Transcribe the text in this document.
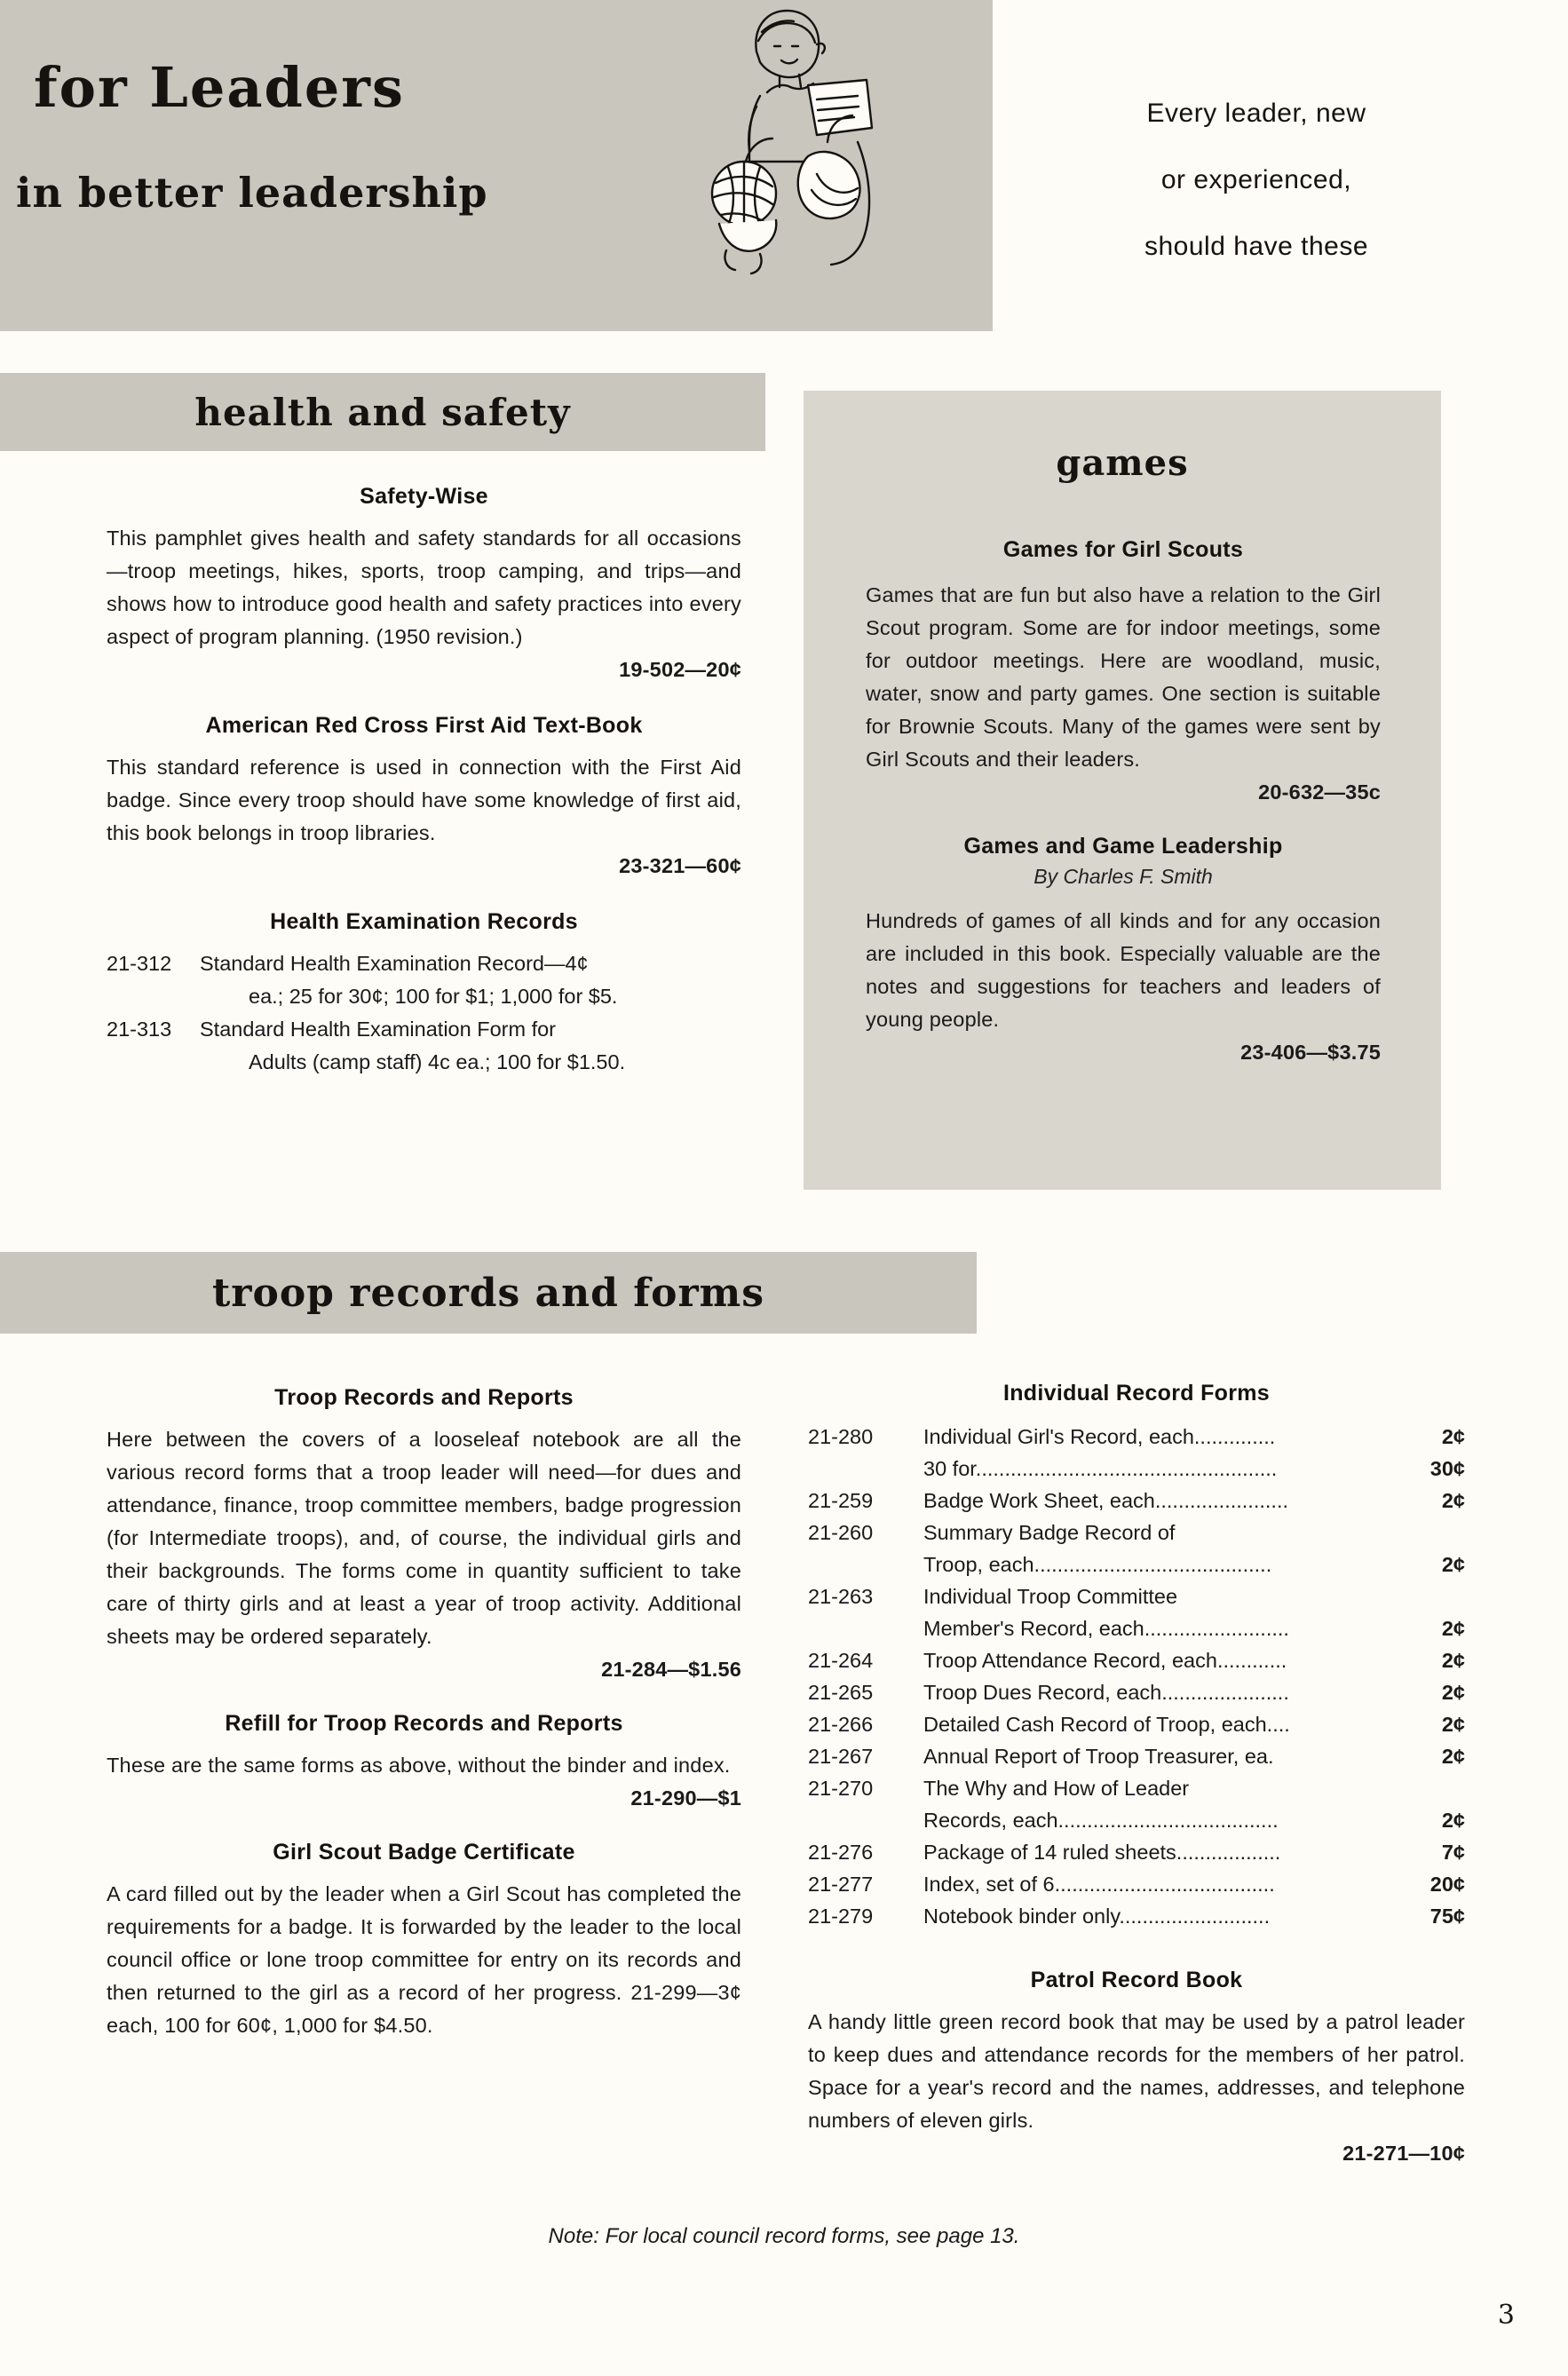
for Leaders
in better leadership
Every leader, new
or experienced,
should have these
health and safety
games
Safety-Wise
This pamphlet gives health and safety standards for all occasions—troop meetings, hikes, sports, troop camping, and trips—and shows how to introduce good health and safety practices into every aspect of program planning. (1950 revision.)
19-502—20¢
American Red Cross First Aid Text-Book
This standard reference is used in connection with the First Aid badge. Since every troop should have some knowledge of first aid, this book belongs in troop libraries.
23-321—60¢
Health Examination Records
21-312	Standard Health Examination Record—4¢
ea.; 25 for 30¢; 100 for $1; 1,000 for $5.
21-313	Standard Health Examination Form for
Adults (camp staff) 4c ea.; 100 for $1.50.
Games for Girl Scouts
Games that are fun but also have a relation to the Girl Scout program. Some are for indoor meetings, some for outdoor meetings. Here are woodland, music, water, snow and party games. One section is suitable for Brownie Scouts. Many of the games were sent by Girl Scouts and their leaders.
20-632—35c
Games and Game Leadership
By Charles F. Smith
Hundreds of games of all kinds and for any occasion are included in this book. Especially valuable are the notes and suggestions for teachers and leaders of young people.
23-406—$3.75
troop records and forms
Troop Records and Reports
Here between the covers of a looseleaf notebook are all the various record forms that a troop leader will need—for dues and attendance, finance, troop committee members, badge progression (for Intermediate troops), and, of course, the individual girls and their backgrounds. The forms come in quantity sufficient to take care of thirty girls and at least a year of troop activity. Additional sheets may be ordered separately.
21-284—$1.56
Refill for Troop Records and Reports
These are the same forms as above, without the binder and index.
21-290—$1
Girl Scout Badge Certificate
A card filled out by the leader when a Girl Scout has completed the requirements for a badge. It is forwarded by the leader to the local council office or lone troop committee for entry on its records and then returned to the girl as a record of her progress. 21-299—3¢ each, 100 for 60¢, 1,000 for $4.50.
Individual Record Forms
21-280	Individual Girl's Record, each..............	2¢
30 for....................................................	30¢
21-259	Badge Work Sheet, each.......................	2¢
21-260	Summary Badge Record of
Troop, each.........................................	2¢
21-263	Individual Troop Committee
Member's Record, each.........................	2¢
21-264	Troop Attendance Record, each............	2¢
21-265	Troop Dues Record, each......................	2¢
21-266	Detailed Cash Record of Troop, each....	2¢
21-267	Annual Report of Troop Treasurer, ea.	2¢
21-270	The Why and How of Leader
Records, each......................................	2¢
21-276	Package of 14 ruled sheets..................	7¢
21-277	Index, set of 6......................................	20¢
21-279	Notebook binder only..........................	75¢
Patrol Record Book
A handy little green record book that may be used by a patrol leader to keep dues and attendance records for the members of her patrol. Space for a year's record and the names, addresses, and telephone numbers of eleven girls.
21-271—10¢
Note: For local council record forms, see page 13.
3
